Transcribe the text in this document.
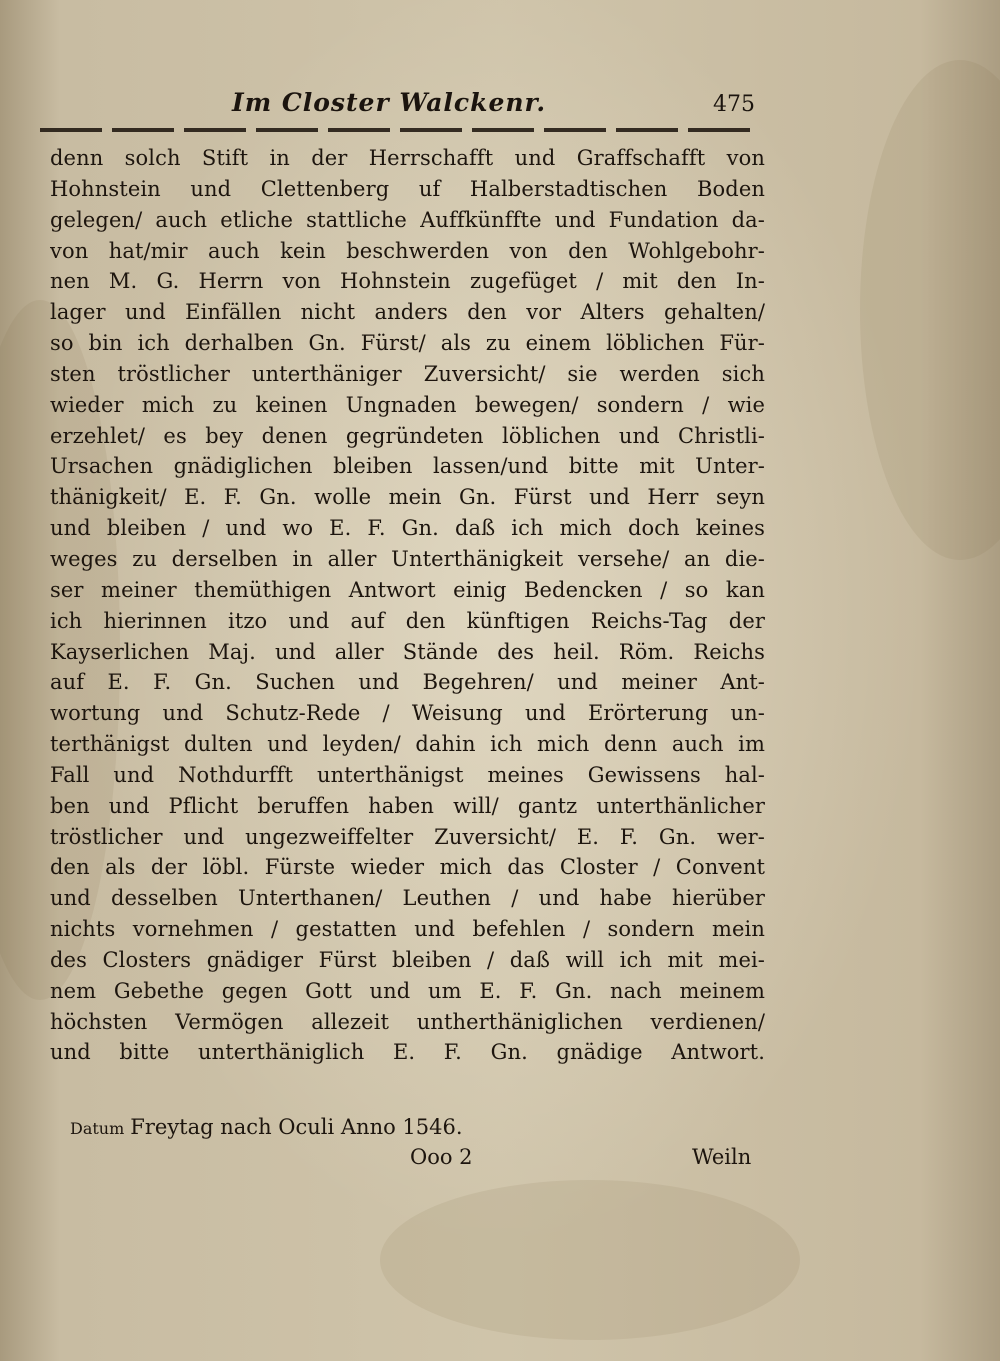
Im Closter Walckenr.	475
denn solch Stift in der Herrschafft und Graffschafft von
Hohnstein und Clettenberg uf Halberstadtischen Boden
gelegen/ auch etliche stattliche Auffkünffte und Fundation da-
von hat/mir auch kein beschwerden von den Wohlgebohr-
nen M. G. Herrn von Hohnstein zugefüget / mit den In-
lager und Einfällen nicht anders den vor Alters gehalten/
so bin ich derhalben Gn. Fürst/ als zu einem löblichen Für-
sten tröstlicher unterthäniger Zuversicht/ sie werden sich
wieder mich zu keinen Ungnaden bewegen/ sondern / wie
erzehlet/ es bey denen gegründeten löblichen und Christli-
Ursachen gnädiglichen bleiben lassen/und bitte mit Unter-
thänigkeit/ E. F. Gn. wolle mein Gn. Fürst und Herr seyn
und bleiben / und wo E. F. Gn. daß ich mich doch keines
weges zu derselben in aller Unterthänigkeit versehe/ an die-
ser meiner themüthigen Antwort einig Bedencken / so kan
ich hierinnen itzo und auf den künftigen Reichs-Tag der
Kayserlichen Maj. und aller Stände des heil. Röm. Reichs
auf E. F. Gn. Suchen und Begehren/ und meiner Ant-
wortung und Schutz-Rede / Weisung und Erörterung un-
terthänigst dulten und leyden/ dahin ich mich denn auch im
Fall und Nothdurfft unterthänigst meines Gewissens hal-
ben und Pflicht beruffen haben will/ gantz unterthänlicher
tröstlicher und ungezweiffelter Zuversicht/ E. F. Gn. wer-
den als der löbl. Fürste wieder mich das Closter / Convent
und desselben Unterthanen/ Leuthen / und habe hierüber
nichts vornehmen / gestatten und befehlen / sondern mein
des Closters gnädiger Fürst bleiben / daß will ich mit mei-
nem Gebethe gegen Gott und um E. F. Gn. nach meinem
höchsten Vermögen allezeit untherthäniglichen verdienen/
und bitte unterthäniglich E. F. Gn. gnädige Antwort.
Datum Freytag nach Oculi Anno 1546.
Ooo 2	Weiln
